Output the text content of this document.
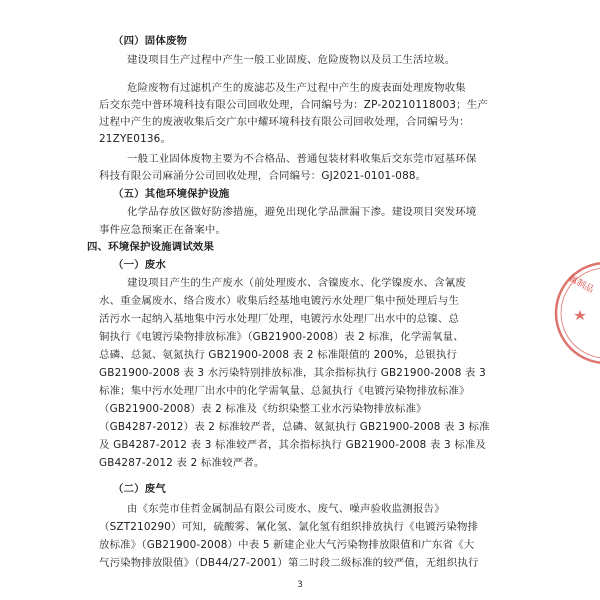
（四）固体废物
建设项目生产过程中产生一般工业固废、危险废物以及员工生活垃圾。
危险废物有过滤机产生的废滤芯及生产过程中产生的废表面处理废物收集
后交东莞中普环境科技有限公司回收处理，合同编号为：ZP-20210118003；生产
过程中产生的废液收集后交广东中耀环境科技有限公司回收处理，合同编号为：
21ZYE0136。
一般工业固体废物主要为不合格品、普通包装材料收集后交东莞市冠基环保
科技有限公司麻涌分公司回收处理，合同编号：GJ2021-0101-088。
（五）其他环境保护设施
化学品存放区做好防渗措施，避免出现化学品泄漏下渗。建设项目突发环境
事件应急预案正在备案中。
四、环境保护设施调试效果
（一）废水
建设项目产生的生产废水（前处理废水、含镍废水、化学镍废水、含氰废
水、重金属废水、络合废水）收集后经基地电镀污水处理厂集中预处理后与生
活污水一起纳入基地集中污水处理厂处理，电镀污水处理厂出水中的总镍、总
铜执行《电镀污染物排放标准》（GB21900-2008）表 2 标准，化学需氧量、
总磷、总氮、氨氮执行 GB21900-2008 表 2 标准限值的 200%，总银执行
GB21900-2008 表 3 水污染特别排放标准，其余指标执行 GB21900-2008 表 3
标准；集中污水处理厂出水中的化学需氧量、总氮执行《电镀污染物排放标准》
（GB21900-2008）表 2 标准及《纺织染整工业水污染物排放标准》
（GB4287-2012）表 2 标准较严者，总磷、氨氮执行 GB21900-2008 表 3 标准
及 GB4287-2012 表 3 标准较严者，其余指标执行 GB21900-2008 表 3 标准及
GB4287-2012 表 2 标准较严者。
（二）废气
由《东莞市佳哲金属制品有限公司废水、废气、噪声验收监测报告》
（SZT210290）可知，硫酸雾、氰化氢、氯化氢有组织排放执行《电镀污染物排
放标准》（GB21900-2008）中表 5 新建企业大气污染物排放限值和广东省《大
气污染物排放限值》（DB44/27-2001）第二时段二级标准的较严值，无组织执行
3
属制品
